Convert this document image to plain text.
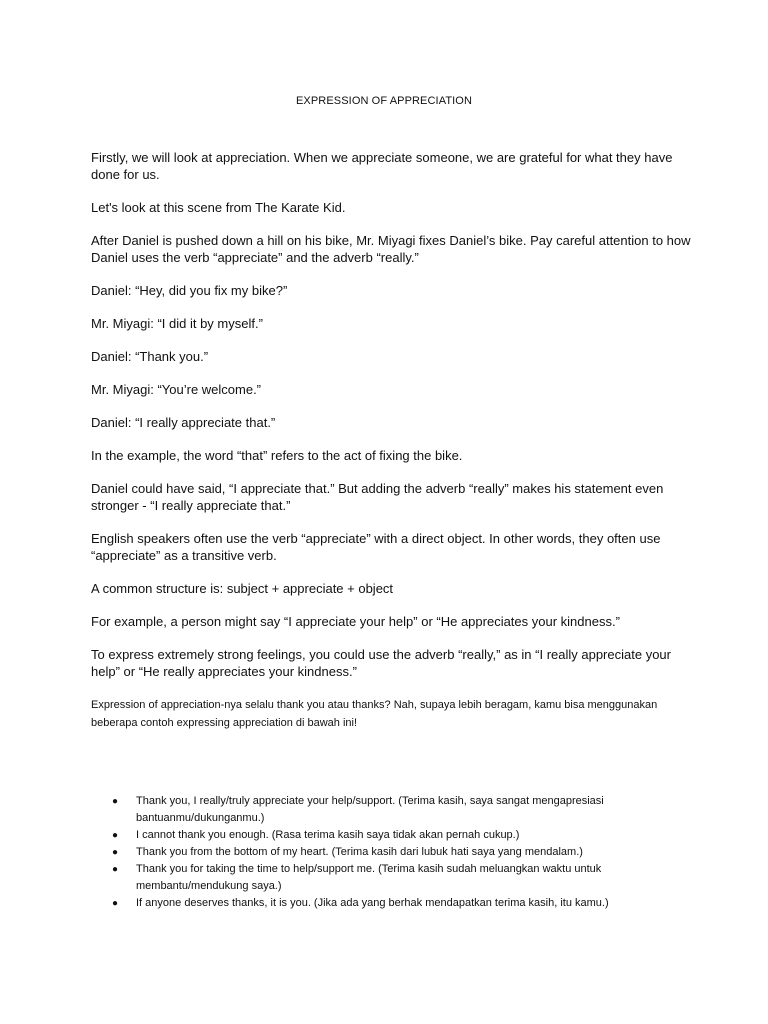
EXPRESSION OF APPRECIATION

Firstly, we will look at appreciation. When we appreciate someone, we are grateful for what they have done for us.

Let's look at this scene from The Karate Kid.

After Daniel is pushed down a hill on his bike, Mr. Miyagi fixes Daniel’s bike. Pay careful attention to how Daniel uses the verb “appreciate” and the adverb “really.”

Daniel: “Hey, did you fix my bike?”

Mr. Miyagi: “I did it by myself.”

Daniel: “Thank you.”

Mr. Miyagi: “You’re welcome.”

Daniel: “I really appreciate that.”

In the example, the word “that” refers to the act of fixing the bike.

Daniel could have said, “I appreciate that.” But adding the adverb “really” makes his statement even stronger - “I really appreciate that.”

English speakers often use the verb “appreciate” with a direct object. In other words, they often use “appreciate” as a transitive verb.

A common structure is: subject + appreciate + object

For example, a person might say “I appreciate your help” or “He appreciates your kindness.”

To express extremely strong feelings, you could use the adverb “really,” as in “I really appreciate your help” or “He really appreciates your kindness.”

Expression of appreciation-nya selalu thank you atau thanks? Nah, supaya lebih beragam, kamu bisa menggunakan beberapa contoh expressing appreciation di bawah ini!

● Thank you, I really/truly appreciate your help/support. (Terima kasih, saya sangat mengapresiasi bantuanmu/dukunganmu.)
● I cannot thank you enough. (Rasa terima kasih saya tidak akan pernah cukup.)
● Thank you from the bottom of my heart. (Terima kasih dari lubuk hati saya yang mendalam.)
● Thank you for taking the time to help/support me. (Terima kasih sudah meluangkan waktu untuk membantu/mendukung saya.)
● If anyone deserves thanks, it is you. (Jika ada yang berhak mendapatkan terima kasih, itu kamu.)
